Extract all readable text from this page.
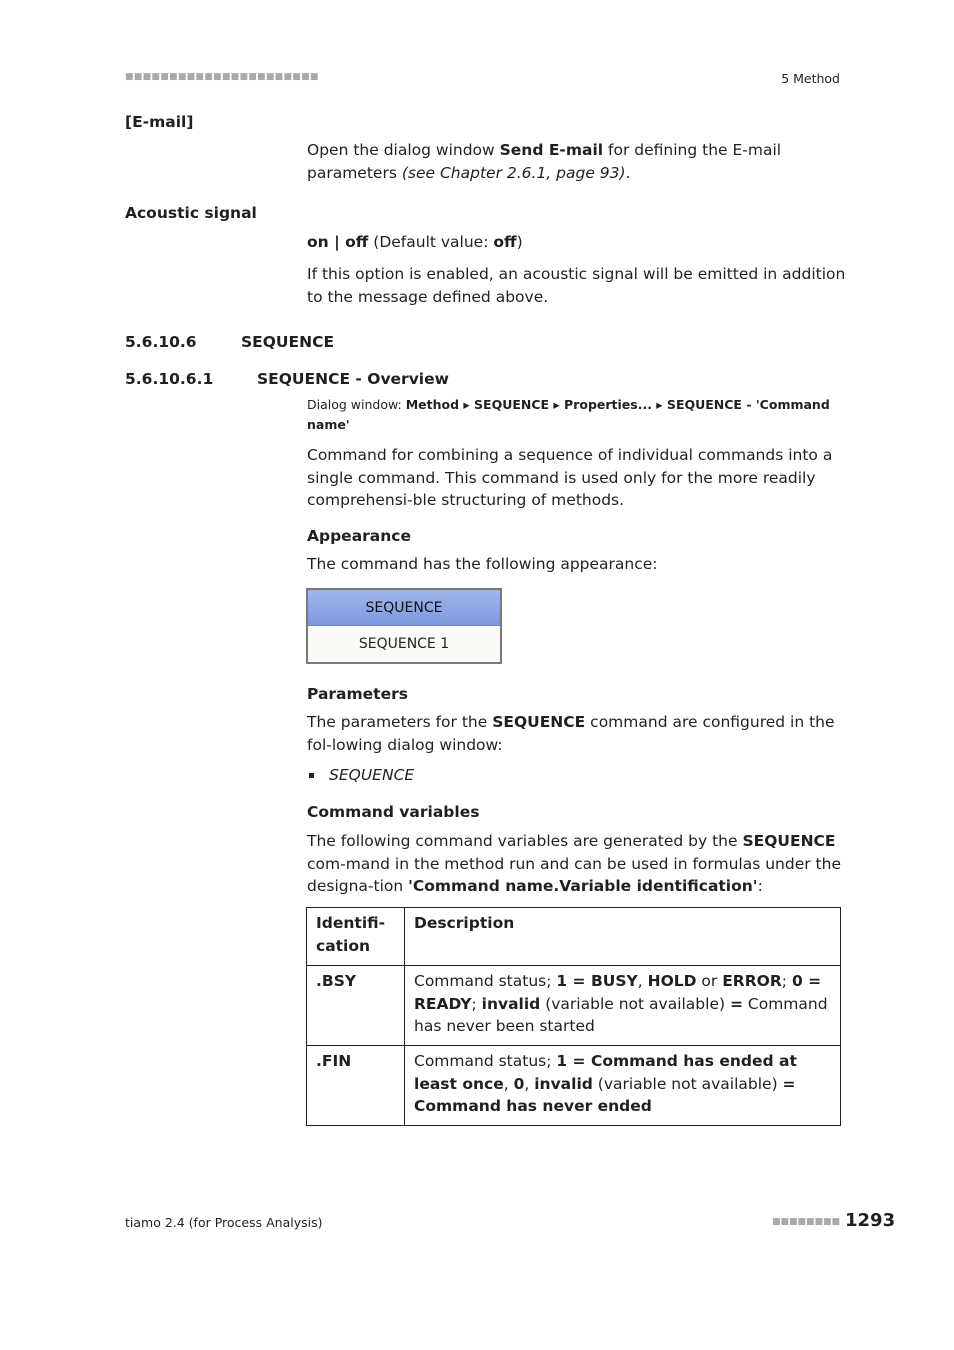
■■■■■■■■■■■■■■■■■■■■■■	5 Method
[E-mail]
Open the dialog window Send E-mail for defining the E-mail parameters (see Chapter 2.6.1, page 93).
Acoustic signal
on | off (Default value: off)
If this option is enabled, an acoustic signal will be emitted in addition to the message defined above.
5.6.10.6	SEQUENCE
5.6.10.6.1	SEQUENCE - Overview
Dialog window: Method ▸ SEQUENCE ▸ Properties... ▸ SEQUENCE - 'Command name'
Command for combining a sequence of individual commands into a single command. This command is used only for the more readily comprehensi-ble structuring of methods.
Appearance
The command has the following appearance:
SEQUENCE
SEQUENCE 1
Parameters
The parameters for the SEQUENCE command are configured in the fol-lowing dialog window:
SEQUENCE
Command variables
The following command variables are generated by the SEQUENCE com-mand in the method run and can be used in formulas under the designa-tion 'Command name.Variable identification':
Identifi-cation	Description
.BSY	Command status; 1 = BUSY, HOLD or ERROR; 0 = READY; invalid (variable not available) = Command has never been started
.FIN	Command status; 1 = Command has ended at least once, 0, invalid (variable not available) = Command has never ended
tiamo 2.4 (for Process Analysis)	■■■■■■■■ 1293
